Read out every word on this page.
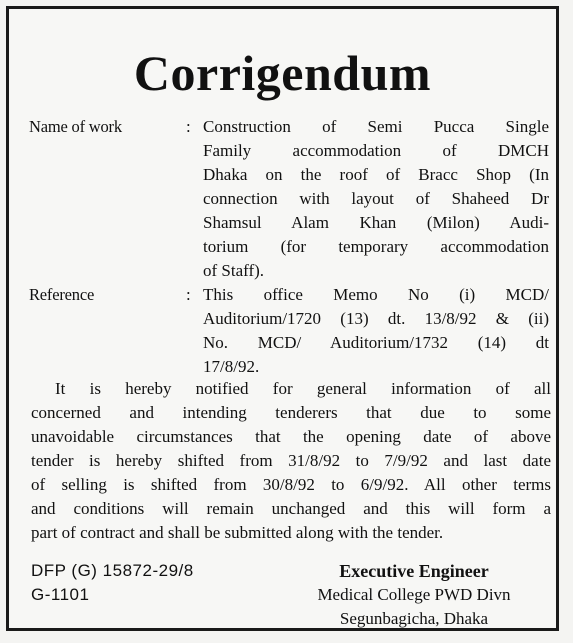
Corrigendum
Name of work	: Construction of Semi Pucca Single
Family accommodation of DMCH
Dhaka on the roof of Bracc Shop (In
connection with layout of Shaheed Dr
Shamsul Alam Khan (Milon) Audi-
torium (for temporary accommodation
of Staff).
Reference	: This office Memo No (i) MCD/
Auditorium/1720 (13) dt. 13/8/92 & (ii)
No. MCD/ Auditorium/1732 (14) dt
17/8/92.
It is hereby notified for general information of all
concerned and intending tenderers that due to some
unavoidable circumstances that the opening date of above
tender is hereby shifted from 31/8/92 to 7/9/92 and last date
of selling is shifted from 30/8/92 to 6/9/92. All other terms
and conditions will remain unchanged and this will form a
part of contract and shall be submitted along with the tender.
DFP (G) 15872-29/8
G-1101
Executive Engineer
Medical College PWD Divn
Segunbagicha, Dhaka
